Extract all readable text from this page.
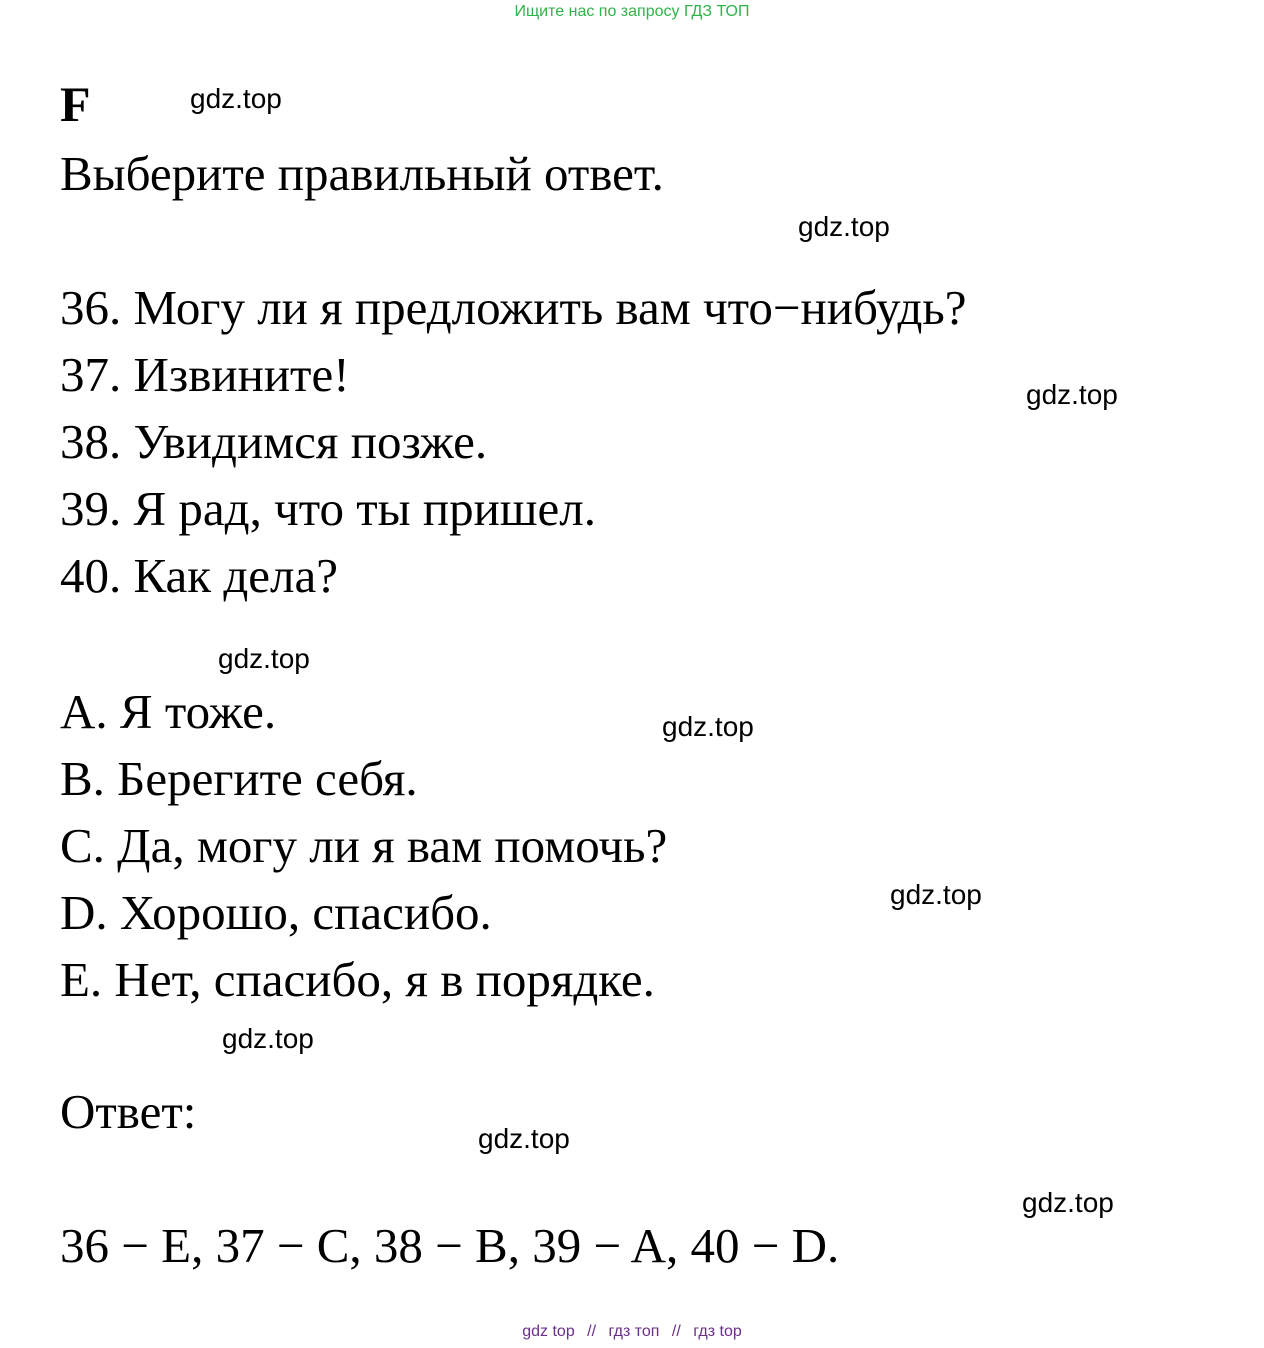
Ищите нас по запросу ГДЗ ТОП
F	gdz.top
Выберите правильный ответ.
gdz.top
36. Могу ли я предложить вам что−нибудь?
37. Извините!	gdz.top
38. Увидимся позже.
39. Я рад, что ты пришел.
40. Как дела?
gdz.top
A. Я тоже.	gdz.top
B. Берегите себя.
C. Да, могу ли я вам помочь?
gdz.top
D. Хорошо, спасибо.
E. Нет, спасибо, я в порядке.
gdz.top
Ответ:	gdz.top
gdz.top
36 − E, 37 − C, 38 − B, 39 − A, 40 − D.
gdz top // гдз топ // гдз top
